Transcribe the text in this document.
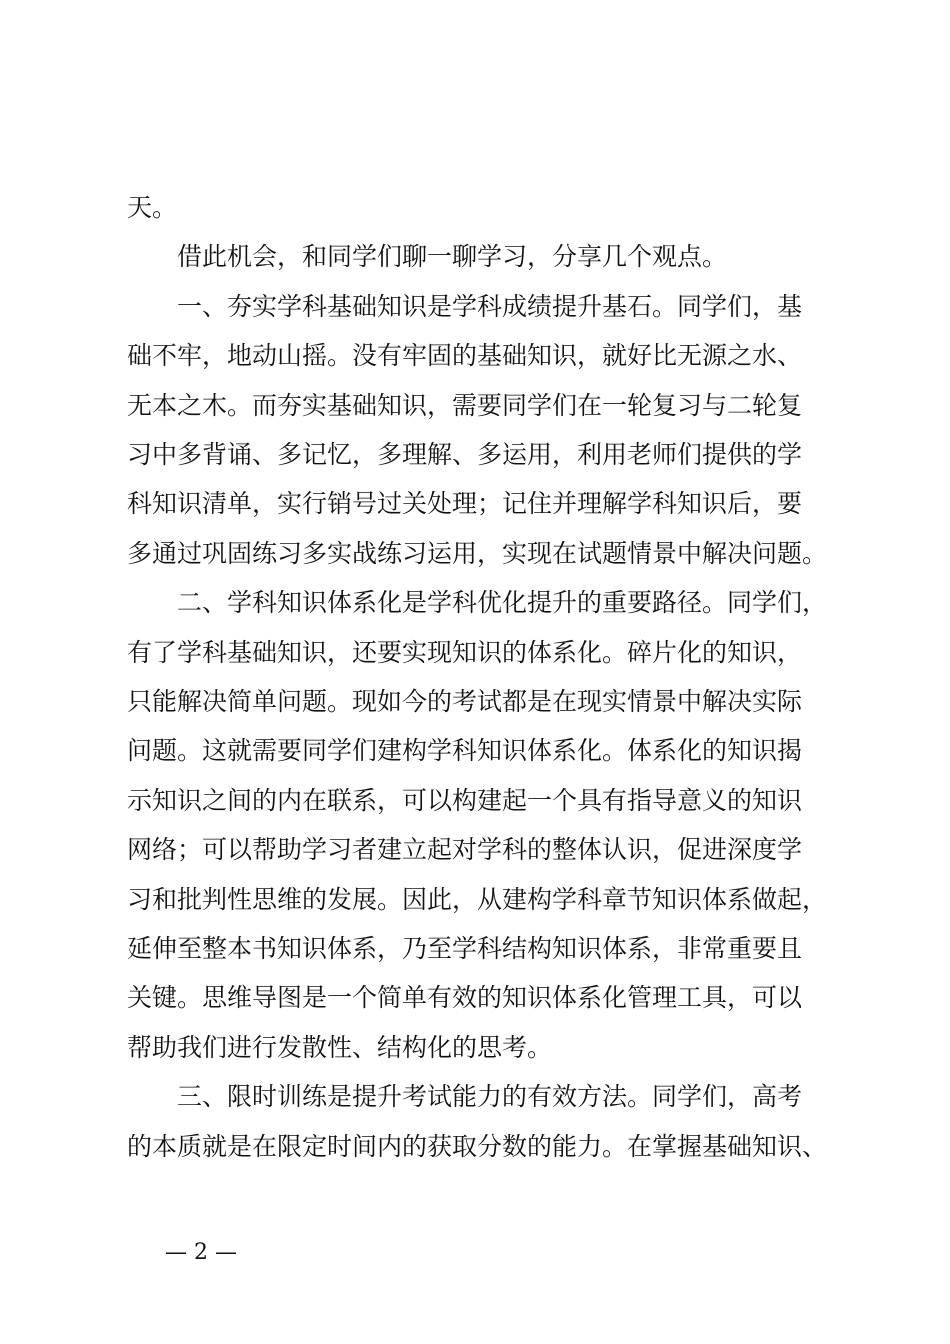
天。
借此机会，和同学们聊一聊学习，分享几个观点。
一、夯实学科基础知识是学科成绩提升基石。同学们，基
础不牢，地动山摇。没有牢固的基础知识，就好比无源之水、
无本之木。而夯实基础知识，需要同学们在一轮复习与二轮复
习中多背诵、多记忆，多理解、多运用，利用老师们提供的学
科知识清单，实行销号过关处理；记住并理解学科知识后，要
多通过巩固练习多实战练习运用，实现在试题情景中解决问题。
二、学科知识体系化是学科优化提升的重要路径。同学们，
有了学科基础知识，还要实现知识的体系化。碎片化的知识，
只能解决简单问题。现如今的考试都是在现实情景中解决实际
问题。这就需要同学们建构学科知识体系化。体系化的知识揭
示知识之间的内在联系，可以构建起一个具有指导意义的知识
网络；可以帮助学习者建立起对学科的整体认识，促进深度学
习和批判性思维的发展。因此，从建构学科章节知识体系做起，
延伸至整本书知识体系，乃至学科结构知识体系，非常重要且
关键。思维导图是一个简单有效的知识体系化管理工具，可以
帮助我们进行发散性、结构化的思考。
三、限时训练是提升考试能力的有效方法。同学们，高考
的本质就是在限定时间内的获取分数的能力。在掌握基础知识、
— 2 —
